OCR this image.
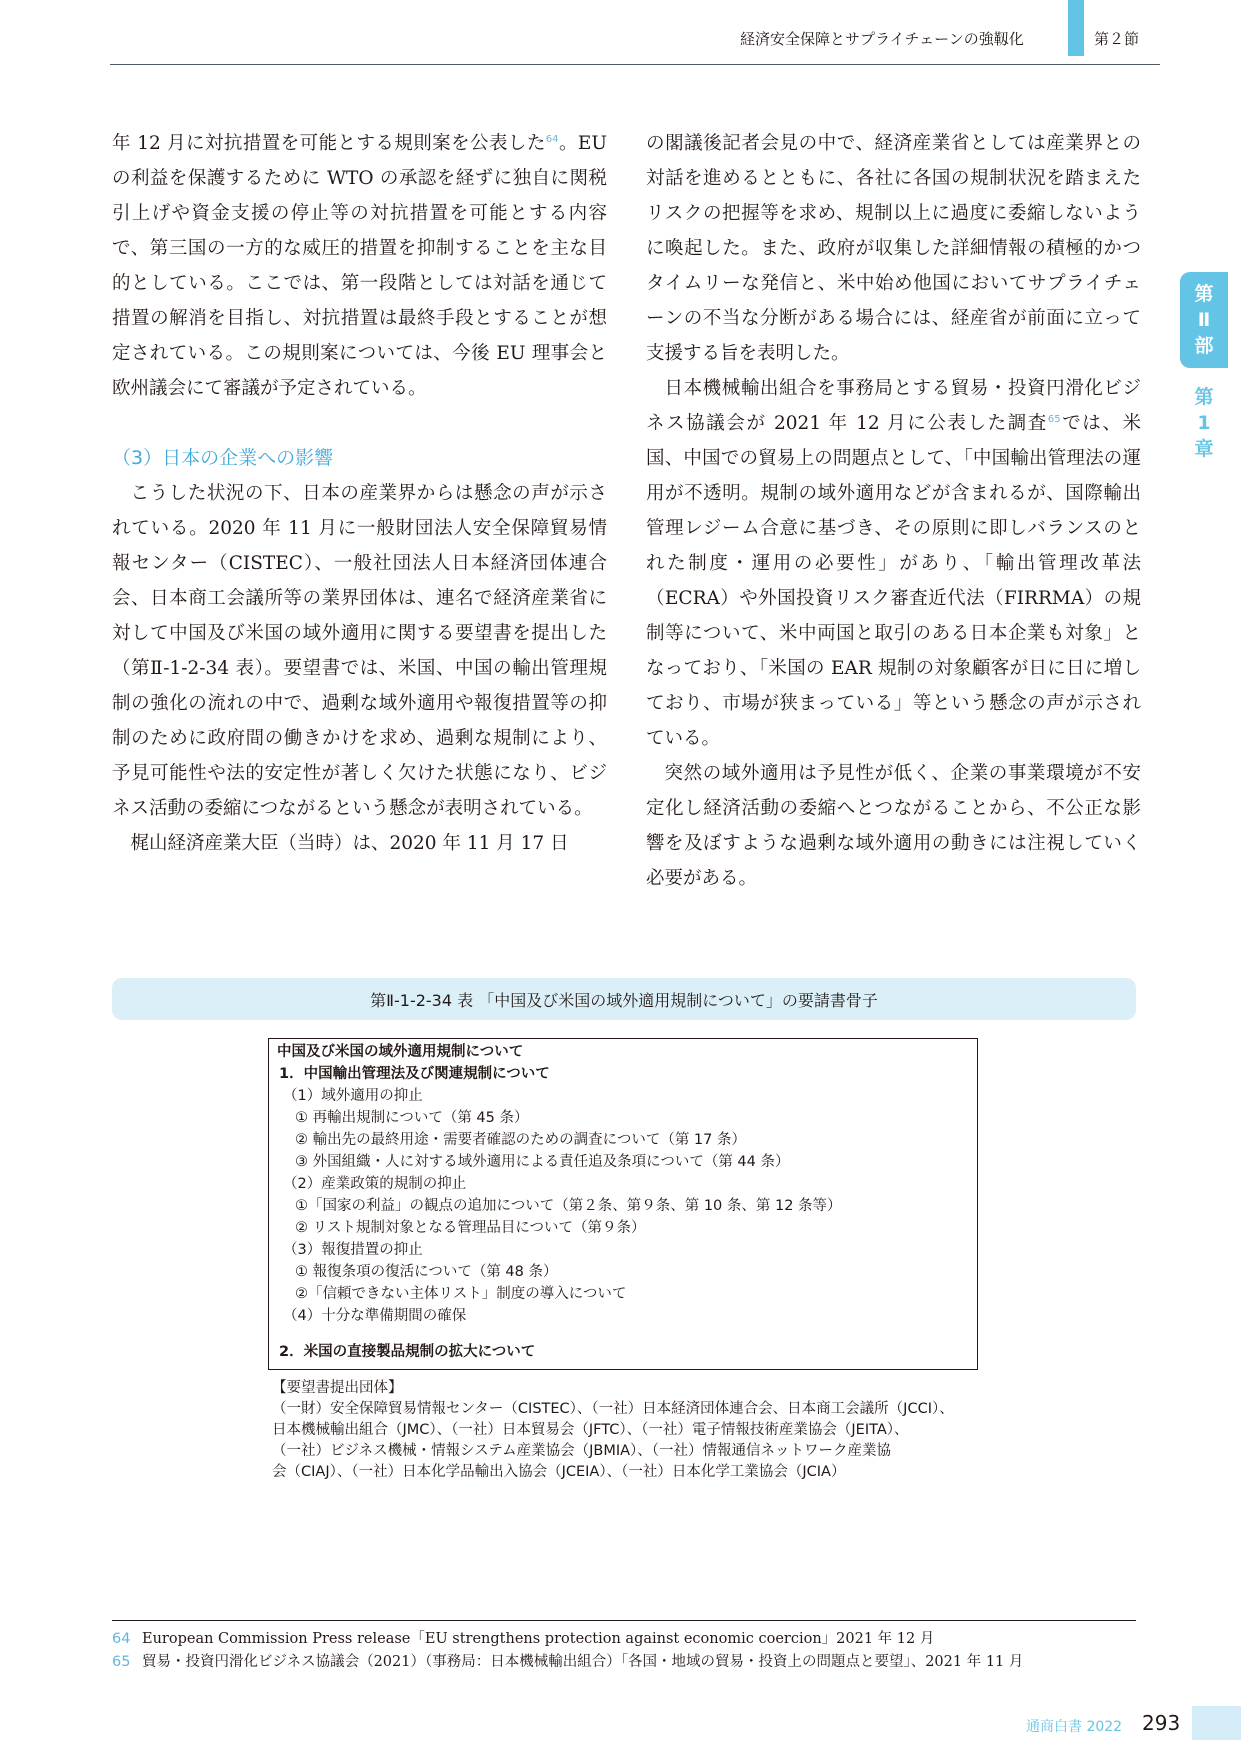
経済安全保障とサプライチェーンの強靱化	第２節
第
Ⅱ
部
第
1
章

年 12 月に対抗措置を可能とする規則案を公表した$^{64}$。EU の利益を保護するために WTO の承認を経ずに独自に関税引上げや資金支援の停止等の対抗措置を可能とする内容で、第三国の一方的な威圧的措置を抑制することを主な目的としている。ここでは、第一段階としては対話を通じて措置の解消を目指し、対抗措置は最終手段とすることが想定されている。この規則案については、今後 EU 理事会と欧州議会にて審議が予定されている。

（3）日本の企業への影響

こうした状況の下、日本の産業界からは懸念の声が示されている。2020 年 11 月に一般財団法人安全保障貿易情報センター（CISTEC）、一般社団法人日本経済団体連合会、日本商工会議所等の業界団体は、連名で経済産業省に対して中国及び米国の域外適用に関する要望書を提出した（第Ⅱ-1-2-34 表）。要望書では、米国、中国の輸出管理規制の強化の流れの中で、過剰な域外適用や報復措置等の抑制のために政府間の働きかけを求め、過剰な規制により、予見可能性や法的安定性が著しく欠けた状態になり、ビジネス活動の委縮につながるという懸念が表明されている。

梶山経済産業大臣（当時）は、2020 年 11 月 17 日

の閣議後記者会見の中で、経済産業省としては産業界との対話を進めるとともに、各社に各国の規制状況を踏まえたリスクの把握等を求め、規制以上に過度に委縮しないように喚起した。また、政府が収集した詳細情報の積極的かつタイムリーな発信と、米中始め他国においてサプライチェーンの不当な分断がある場合には、経産省が前面に立って支援する旨を表明した。

日本機械輸出組合を事務局とする貿易・投資円滑化ビジネス協議会が 2021 年 12 月に公表した調査$^{65}$では、米国、中国での貿易上の問題点として、「中国輸出管理法の運用が不透明。規制の域外適用などが含まれるが、国際輸出管理レジーム合意に基づき、その原則に即しバランスのとれた制度・運用の必要性」があり、「輸出管理改革法（ECRA）や外国投資リスク審査近代法（FIRRMA）の規制等について、米中両国と取引のある日本企業も対象」となっており、「米国の EAR 規制の対象顧客が日に日に増しており、市場が狭まっている」等という懸念の声が示されている。

突然の域外適用は予見性が低く、企業の事業環境が不安定化し経済活動の委縮へとつながることから、不公正な影響を及ぼすような過剰な域外適用の動きには注視していく必要がある。

第Ⅱ-1-2-34 表 「中国及び米国の域外適用規制について」の要請書骨子
中国及び米国の域外適用規制について
1．中国輸出管理法及び関連規制について
（1）域外適用の抑止
① 再輸出規制について（第 45 条）
② 輸出先の最終用途・需要者確認のための調査について（第 17 条）
③ 外国組織・人に対する域外適用による責任追及条項について（第 44 条）
（2）産業政策的規制の抑止
①「国家の利益」の観点の追加について（第２条、第９条、第 10 条、第 12 条等）
② リスト規制対象となる管理品目について（第９条）
（3）報復措置の抑止
① 報復条項の復活について（第 48 条）
②「信頼できない主体リスト」制度の導入について
（4）十分な準備期間の確保
2．米国の直接製品規制の拡大について
【要望書提出団体】
（一財）安全保障貿易情報センター（CISTEC）、（一社）日本経済団体連合会、日本商工会議所（JCCI）、
日本機械輸出組合（JMC）、（一社）日本貿易会（JFTC）、（一社）電子情報技術産業協会（JEITA）、
（一社）ビジネス機械・情報システム産業協会（JBMIA）、（一社）情報通信ネットワーク産業協
会（CIAJ）、（一社）日本化学品輸出入協会（JCEIA）、（一社）日本化学工業協会（JCIA）
64 European Commission Press release「EU strengthens protection against economic coercion」2021 年 12 月
65 貿易・投資円滑化ビジネス協議会（2021）（事務局：日本機械輸出組合）「各国・地域の貿易・投資上の問題点と要望」、2021 年 11 月
通商白書 2022 293
